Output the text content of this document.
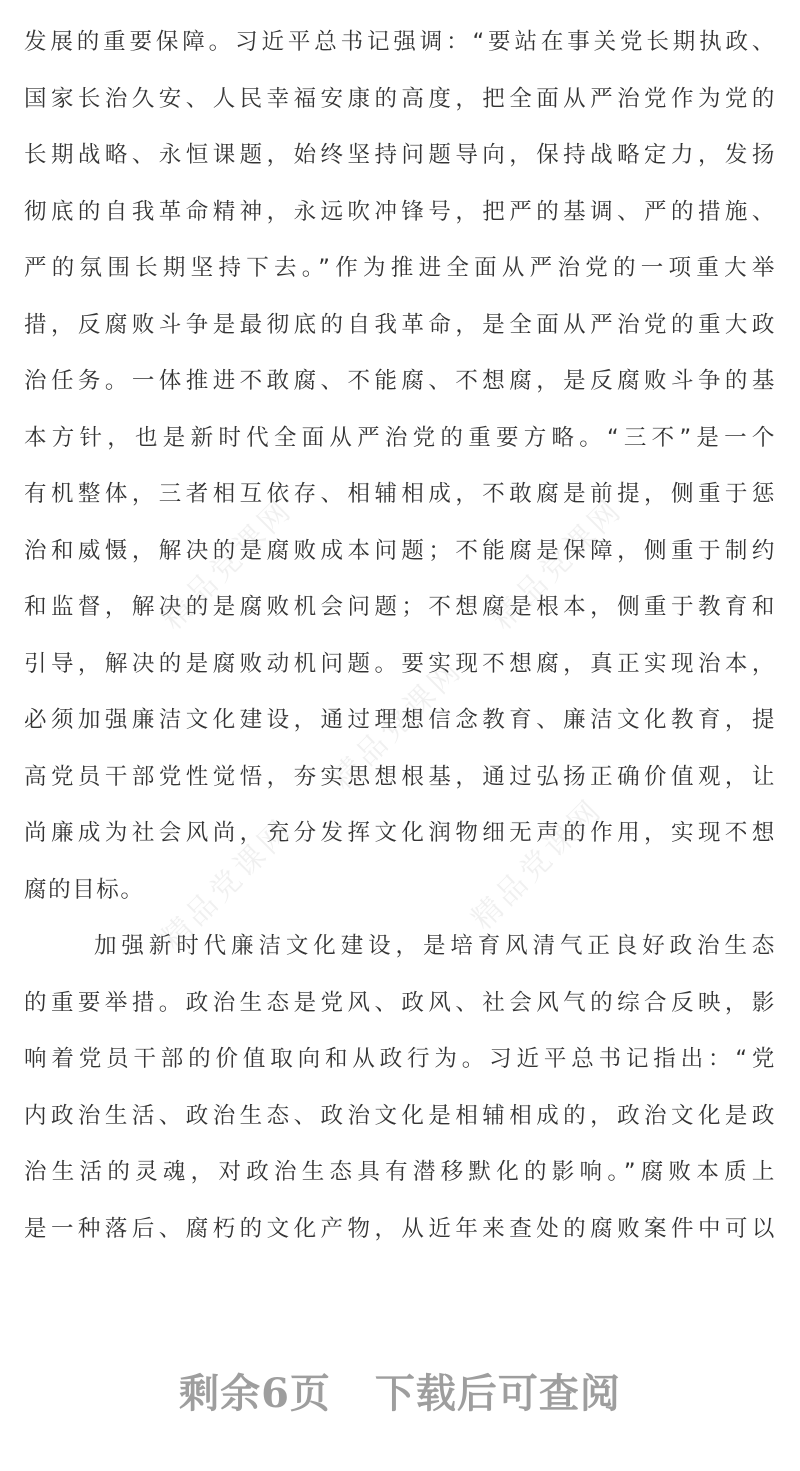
发展的重要保障。习近平总书记强调：“要站在事关党长期执政、
国家长治久安、人民幸福安康的高度，把全面从严治党作为党的
长期战略、永恒课题，始终坚持问题导向，保持战略定力，发扬
彻底的自我革命精神，永远吹冲锋号，把严的基调、严的措施、
严的氛围长期坚持下去。”作为推进全面从严治党的一项重大举
措，反腐败斗争是最彻底的自我革命，是全面从严治党的重大政
治任务。一体推进不敢腐、不能腐、不想腐，是反腐败斗争的基
本方针，也是新时代全面从严治党的重要方略。“三不”是一个
有机整体，三者相互依存、相辅相成，不敢腐是前提，侧重于惩
治和威慑，解决的是腐败成本问题；不能腐是保障，侧重于制约
和监督，解决的是腐败机会问题；不想腐是根本，侧重于教育和
引导，解决的是腐败动机问题。要实现不想腐，真正实现治本，
必须加强廉洁文化建设，通过理想信念教育、廉洁文化教育，提
高党员干部党性觉悟，夯实思想根基，通过弘扬正确价值观，让
尚廉成为社会风尚，充分发挥文化润物细无声的作用，实现不想
腐的目标。
加强新时代廉洁文化建设，是培育风清气正良好政治生态
的重要举措。政治生态是党风、政风、社会风气的综合反映，影
响着党员干部的价值取向和从政行为。习近平总书记指出：“党
内政治生活、政治生态、政治文化是相辅相成的，政治文化是政
治生活的灵魂，对政治生态具有潜移默化的影响。”腐败本质上
是一种落后、腐朽的文化产物，从近年来查处的腐败案件中可以
精品党课网	精品党课网
精品党课网
精品党课网	精品党课网
剩余6页 下载后可查阅
